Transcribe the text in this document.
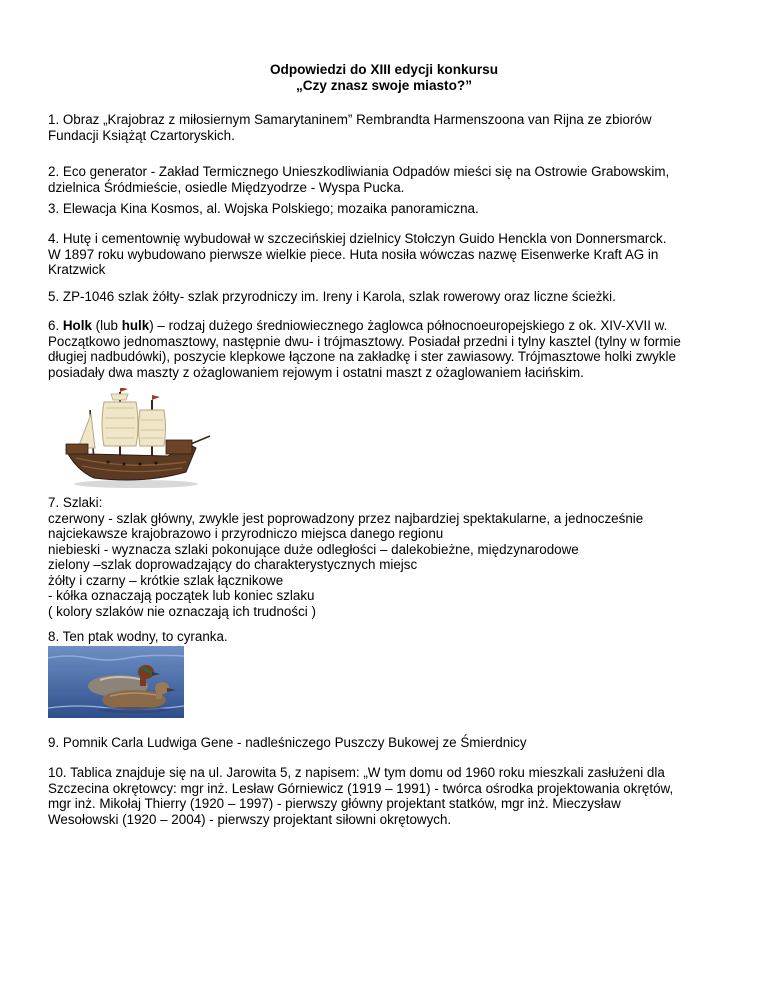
Odpowiedzi do XIII edycji konkursu
„Czy znasz swoje miasto?”
1. Obraz „Krajobraz z miłosiernym Samarytaninem” Rembrandta Harmenszoona van Rijna ze zbiorów
Fundacji Książąt Czartoryskich.
2. Eco generator - Zakład Termicznego Unieszkodliwiania Odpadów mieści się na Ostrowie Grabowskim,
dzielnica Śródmieście, osiedle Międzyodrze - Wyspa Pucka.
3. Elewacja Kina Kosmos, al. Wojska Polskiego; mozaika panoramiczna.
4. Hutę i cementownię wybudował w szczecińskiej dzielnicy Stołczyn Guido Henckla von Donnersmarck.
W 1897 roku wybudowano pierwsze wielkie piece. Huta nosiła wówczas nazwę Eisenwerke Kraft AG in
Kratzwick
5. ZP-1046 szlak żółty- szlak przyrodniczy im. Ireny i Karola, szlak rowerowy oraz liczne ścieżki.
6. Holk (lub hulk) – rodzaj dużego średniowiecznego żaglowca północnoeuropejskiego z ok. XIV-XVII w.
Początkowo jednomasztowy, następnie dwu- i trójmasztowy. Posiadał przedni i tylny kasztel (tylny w formie
długiej nadbudówki), poszycie klepkowe łączone na zakładkę i ster zawiasowy. Trójmasztowe holki zwykle
posiadały dwa maszty z ożaglowaniem rejowym i ostatni maszt z ożaglowaniem łacińskim.
7. Szlaki:
czerwony - szlak główny, zwykle jest poprowadzony przez najbardziej spektakularne, a jednocześnie
najciekawsze krajobrazowo i przyrodniczo miejsca danego regionu
niebieski - wyznacza szlaki pokonujące duże odległości – dalekobieżne, międzynarodowe
zielony –szlak doprowadzający do charakterystycznych miejsc
żółty i czarny – krótkie szlak łącznikowe
- kółka oznaczają początek lub koniec szlaku
( kolory szlaków nie oznaczają ich trudności )
8. Ten ptak wodny, to cyranka.
9. Pomnik Carla Ludwiga Gene - nadleśniczego Puszczy Bukowej ze Śmierdnicy
10. Tablica znajduje się na ul. Jarowita 5, z napisem: „W tym domu od 1960 roku mieszkali zasłużeni dla
Szczecina okrętowcy: mgr inż. Lesław Górniewicz (1919 – 1991) - twórca ośrodka projektowania okrętów,
mgr inż. Mikołaj Thierry (1920 – 1997) - pierwszy główny projektant statków, mgr inż. Mieczysław
Wesołowski (1920 – 2004) - pierwszy projektant siłowni okrętowych.
